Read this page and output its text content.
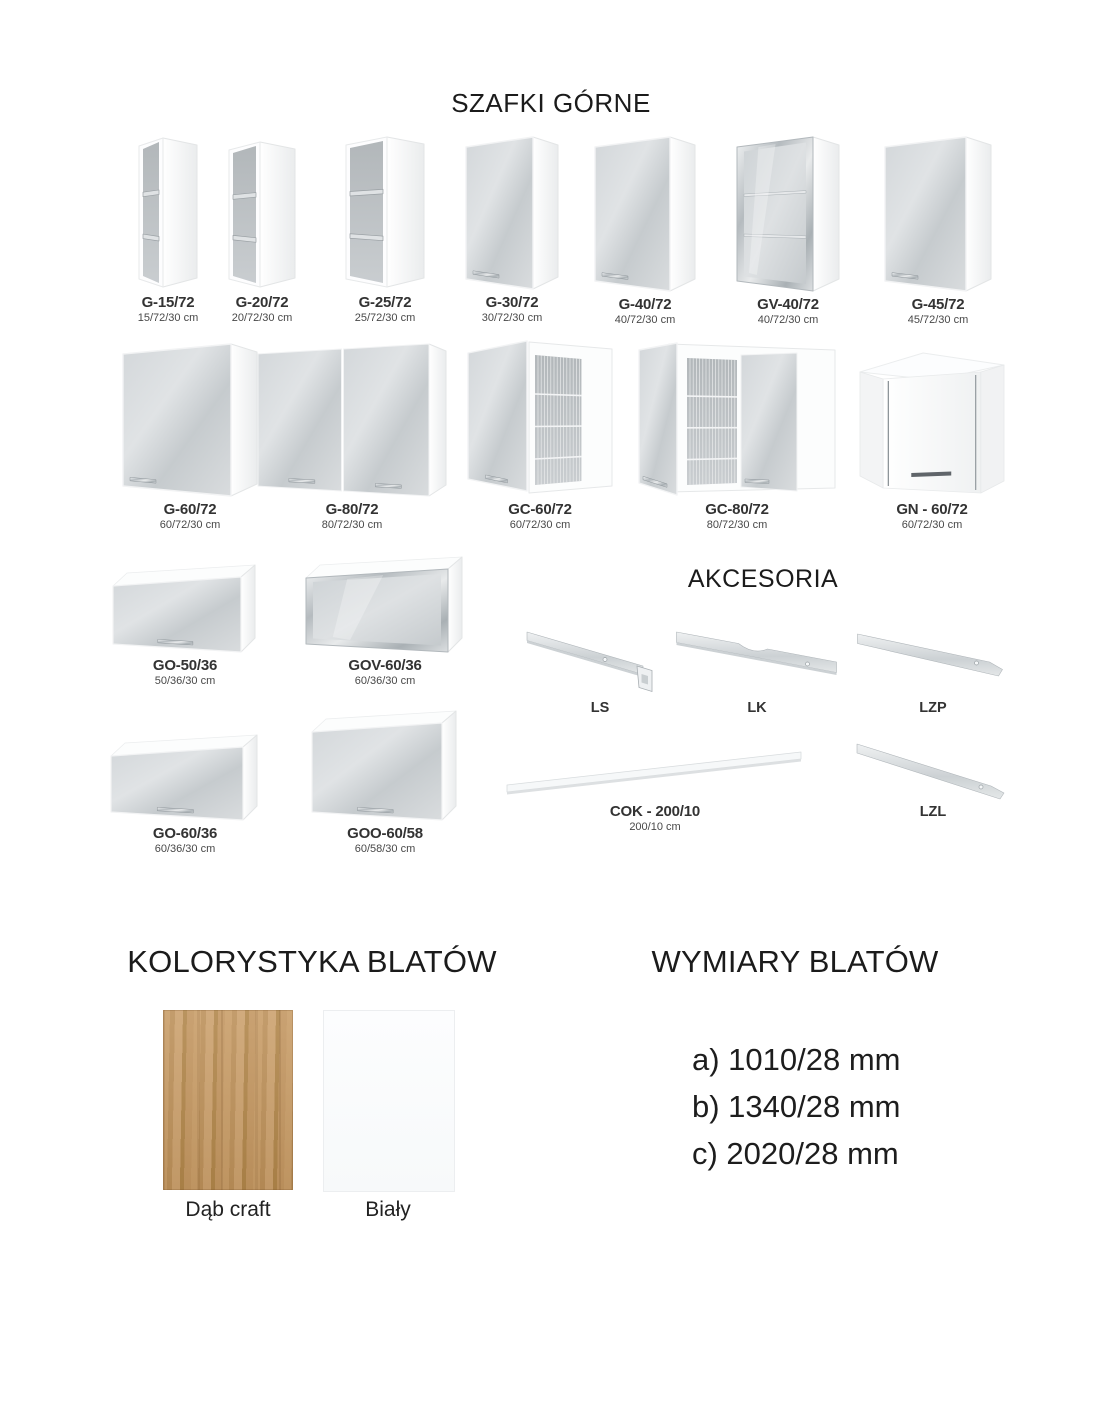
SZAFKI GÓRNE
G-15/72
15/72/30 cm
G-20/72
20/72/30 cm
G-25/72
25/72/30 cm
G-30/72
30/72/30 cm
G-40/72
40/72/30 cm
GV-40/72
40/72/30 cm
G-45/72
45/72/30 cm
G-60/72
60/72/30 cm
G-80/72
80/72/30 cm
GC-60/72
60/72/30 cm
GC-80/72
80/72/30 cm
GN - 60/72
60/72/30 cm
GO-50/36
50/36/30 cm
GOV-60/36
60/36/30 cm
AKCESORIA
LS	LK	LZP
GO-60/36
60/36/30 cm
GOO-60/58
60/58/30 cm
COK - 200/10
200/10 cm
LZL
KOLORYSTYKA BLATÓW	WYMIARY BLATÓW
Dąb craft	Biały
a) 1010/28 mm
b) 1340/28 mm
c) 2020/28 mm
